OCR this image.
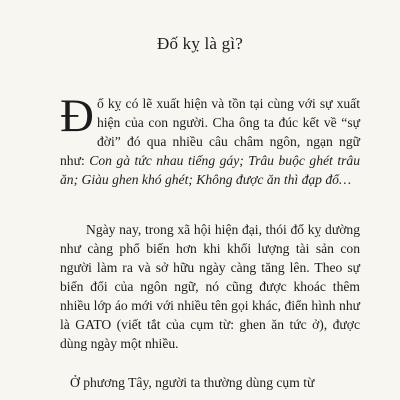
Đố kỵ là gì?

Đố kỵ có lẽ xuất hiện và tồn tại cùng với sự xuất hiện của con người. Cha ông ta đúc kết về “sự đời” đó qua nhiều câu châm ngôn, ngạn ngữ như: Con gà tức nhau tiếng gáy; Trâu buộc ghét trâu ăn; Giàu ghen khó ghét; Không được ăn thì đạp đổ…

Ngày nay, trong xã hội hiện đại, thói đố kỵ dường như càng phổ biến hơn khi khối lượng tài sản con người làm ra và sở hữu ngày càng tăng lên. Theo sự biến đổi của ngôn ngữ, nó cũng được khoác thêm nhiều lớp áo mới với nhiều tên gọi khác, điển hình như là GATO (viết tắt của cụm từ: ghen ăn tức ở), được dùng ngày một nhiều.

Ở phương Tây, người ta thường dùng cụm từ
